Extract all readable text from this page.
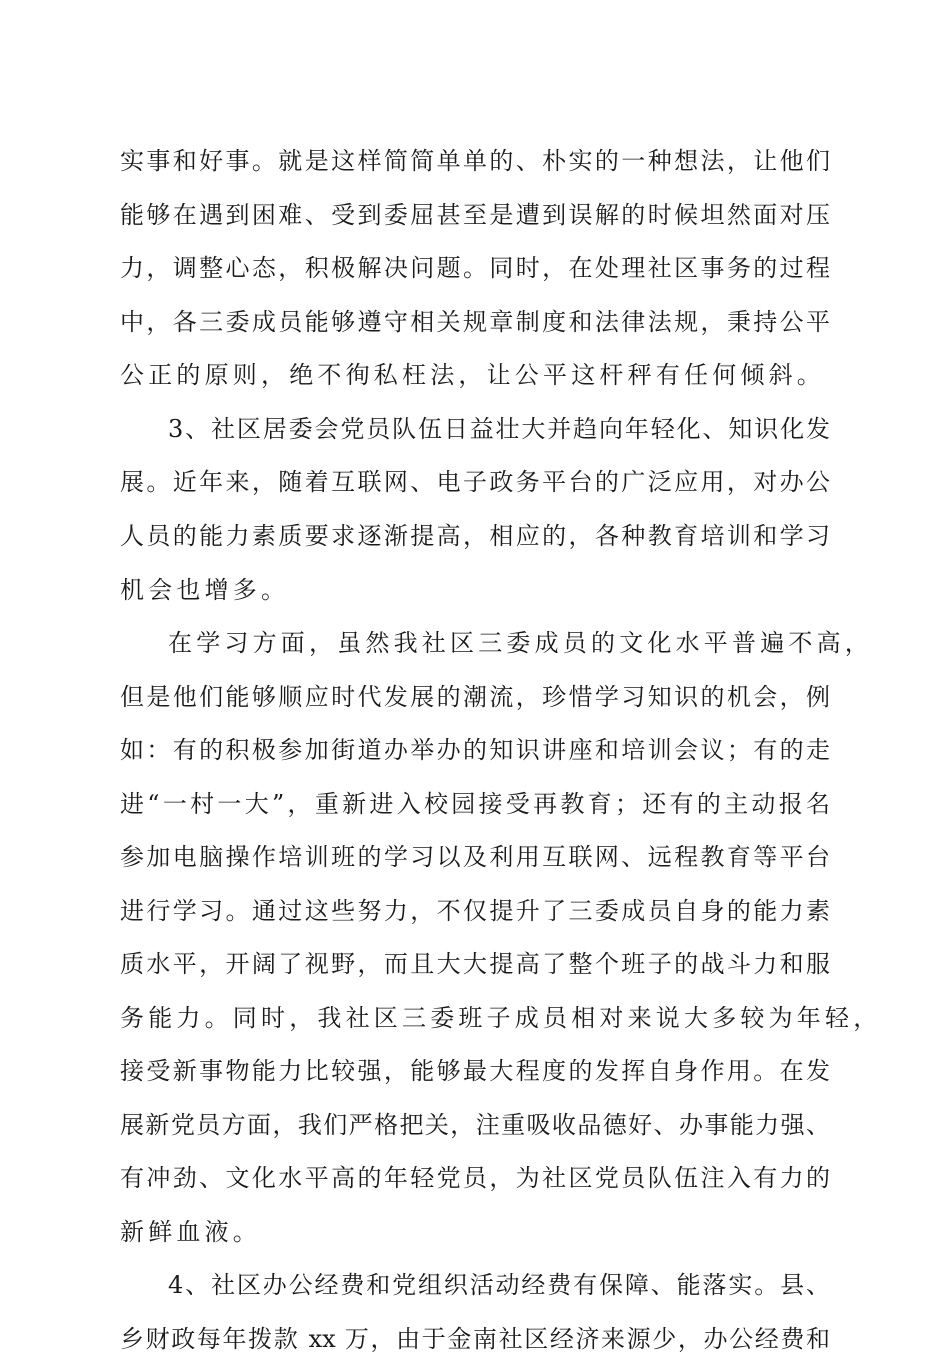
实事和好事。就是这样简简单单的、朴实的一种想法，让他们
能够在遇到困难、受到委屈甚至是遭到误解的时候坦然面对压
力，调整心态，积极解决问题。同时，在处理社区事务的过程
中，各三委成员能够遵守相关规章制度和法律法规，秉持公平
公正的原则，绝不徇私枉法，让公平这杆秤有任何倾斜。
3、社区居委会党员队伍日益壮大并趋向年轻化、知识化发
展。近年来，随着互联网、电子政务平台的广泛应用，对办公
人员的能力素质要求逐渐提高，相应的，各种教育培训和学习
机会也增多。
在学习方面，虽然我社区三委成员的文化水平普遍不高，
但是他们能够顺应时代发展的潮流，珍惜学习知识的机会，例
如：有的积极参加街道办举办的知识讲座和培训会议；有的走
进“一村一大”，重新进入校园接受再教育；还有的主动报名
参加电脑操作培训班的学习以及利用互联网、远程教育等平台
进行学习。通过这些努力，不仅提升了三委成员自身的能力素
质水平，开阔了视野，而且大大提高了整个班子的战斗力和服
务能力。同时，我社区三委班子成员相对来说大多较为年轻，
接受新事物能力比较强，能够最大程度的发挥自身作用。在发
展新党员方面，我们严格把关，注重吸收品德好、办事能力强、
有冲劲、文化水平高的年轻党员，为社区党员队伍注入有力的
新鲜血液。
4、社区办公经费和党组织活动经费有保障、能落实。县、
乡财政每年拨款 xx 万，由于金南社区经济来源少，办公经费和
